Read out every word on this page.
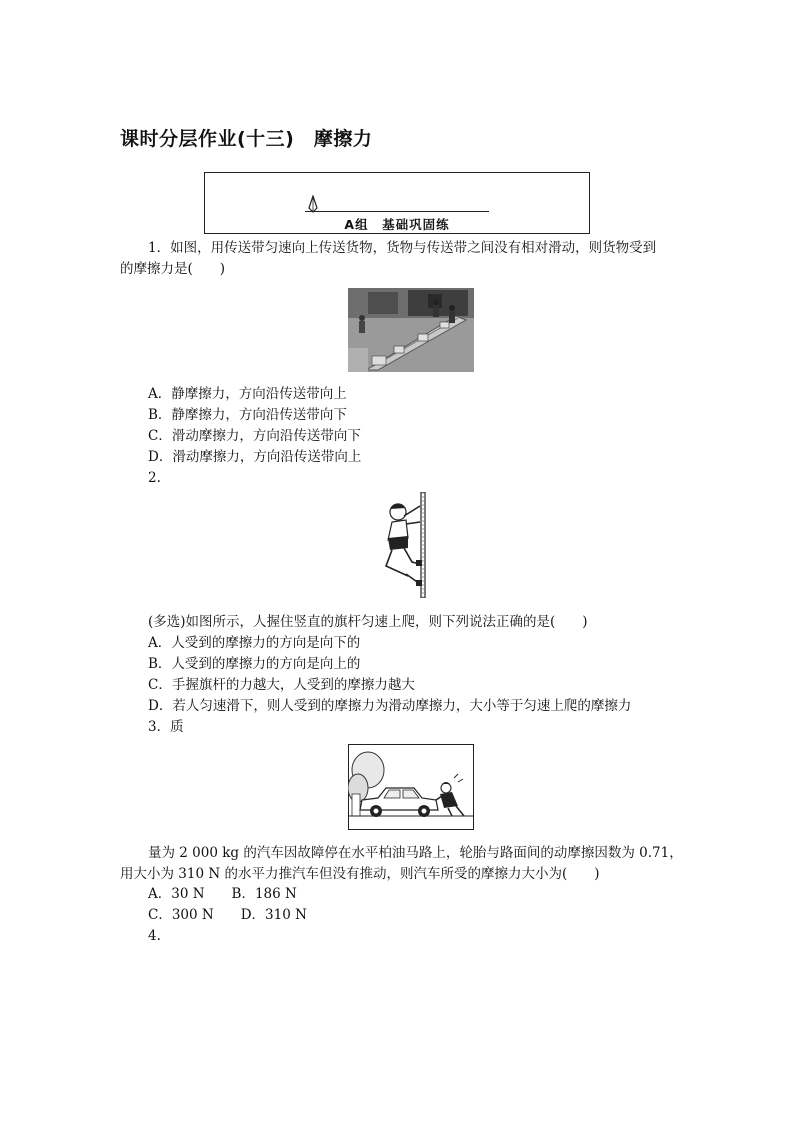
课时分层作业(十三)　摩擦力
A组　基础巩固练
1．如图，用传送带匀速向上传送货物，货物与传送带之间没有相对滑动，则货物受到
的摩擦力是(　　)
A．静摩擦力，方向沿传送带向上
B．静摩擦力，方向沿传送带向下
C．滑动摩擦力，方向沿传送带向下
D．滑动摩擦力，方向沿传送带向上
2.
(多选)如图所示，人握住竖直的旗杆匀速上爬，则下列说法正确的是(　　)
A．人受到的摩擦力的方向是向下的
B．人受到的摩擦力的方向是向上的
C．手握旗杆的力越大，人受到的摩擦力越大
D．若人匀速滑下，则人受到的摩擦力为滑动摩擦力，大小等于匀速上爬的摩擦力
3．质
量为 2 000 kg 的汽车因故障停在水平柏油马路上，轮胎与路面间的动摩擦因数为 0.71，
用大小为 310 N 的水平力推汽车但没有推动，则汽车所受的摩擦力大小为(　　)
A．30 N　　B．186 N
C．300 N　　D．310 N
4.
